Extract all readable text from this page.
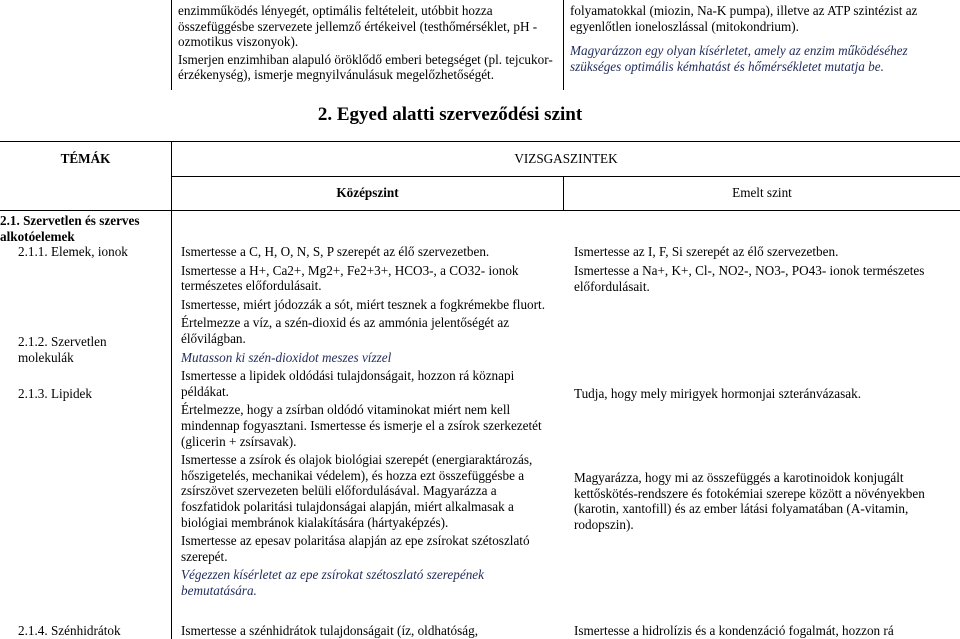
enzimműködés lényegét, optimális feltételeit, utóbbit hozza összefüggésbe szervezete jellemző értékeivel (testhőmérséklet, pH - ozmotikus viszonyok).

Ismerjen enzimhiban alapuló öröklődő emberi betegséget (pl. tejcukor-érzékenység), ismerje megnyilvánulásuk megelőzhetőségét.

folyamatokkal (miozin, Na-K pumpa), illetve az ATP szintézist az egyenlőtlen ioneloszlással (mitokondrium).

Magyarázzon egy olyan kísérletet, amely az enzim működéséhez szükséges optimális kémhatást és hőmérsékletet mutatja be.

2. Egyed alatti szerveződési szint
TÉMÁK	VIZSGASZINTEK
Középszint	Emelt szint
2.1. Szervetlen és szerves alkotóelemek
2.1.1. Elemek, ionok
2.1.2. Szervetlen molekulák
2.1.3. Lipidek
2.1.4. Szénhidrátok

Ismertesse a C, H, O, N, S, P szerepét az élő szervezetben.

Ismertesse a H+, Ca2+, Mg2+, Fe2+3+, HCO3-, a CO32- ionok természetes előfordulásait.

Ismertesse, miért jódozzák a sót, miért tesznek a fogkrémekbe fluort.

Értelmezze a víz, a szén-dioxid és az ammónia jelentőségét az élővilágban.

Mutasson ki szén-dioxidot meszes vízzel

Ismertesse a lipidek oldódási tulajdonságait, hozzon rá köznapi példákat.

Értelmezze, hogy a zsírban oldódó vitaminokat miért nem kell mindennap fogyasztani. Ismertesse és ismerje el a zsírok szerkezetét (glicerin + zsírsavak).

Ismertesse a zsírok és olajok biológiai szerepét (energiaraktározás, hőszigetelés, mechanikai védelem), és hozza ezt összefüggésbe a zsírszövet szervezeten belüli előfordulásával. Magyarázza a foszfatidok polaritási tulajdonságai alapján, miért alkalmasak a biológiai membránok kialakítására (hártyaképzés).

Ismertesse az epesav polaritása alapján az epe zsírokat szétoszlató szerepét.

Végezzen kísérletet az epe zsírokat szétoszlató szerepének bemutatására.

Ismertesse a szénhidrátok tulajdonságait (íz, oldhatóság,
Ismertesse az I, F, Si szerepét az élő szervezetben.
Ismertesse a Na+, K+, Cl-, NO2-, NO3-, PO43- ionok természetes előfordulásait.
Tudja, hogy mely mirigyek hormonjai szteránvázasak.
Magyarázza, hogy mi az összefüggés a karotinoidok konjugált kettőskötés-rendszere és fotokémiai szerepe között a növényekben (karotin, xantofill) és az ember látási folyamatában (A-vitamin, rodopszin).
Ismertesse a hidrolízis és a kondenzáció fogalmát, hozzon rá
